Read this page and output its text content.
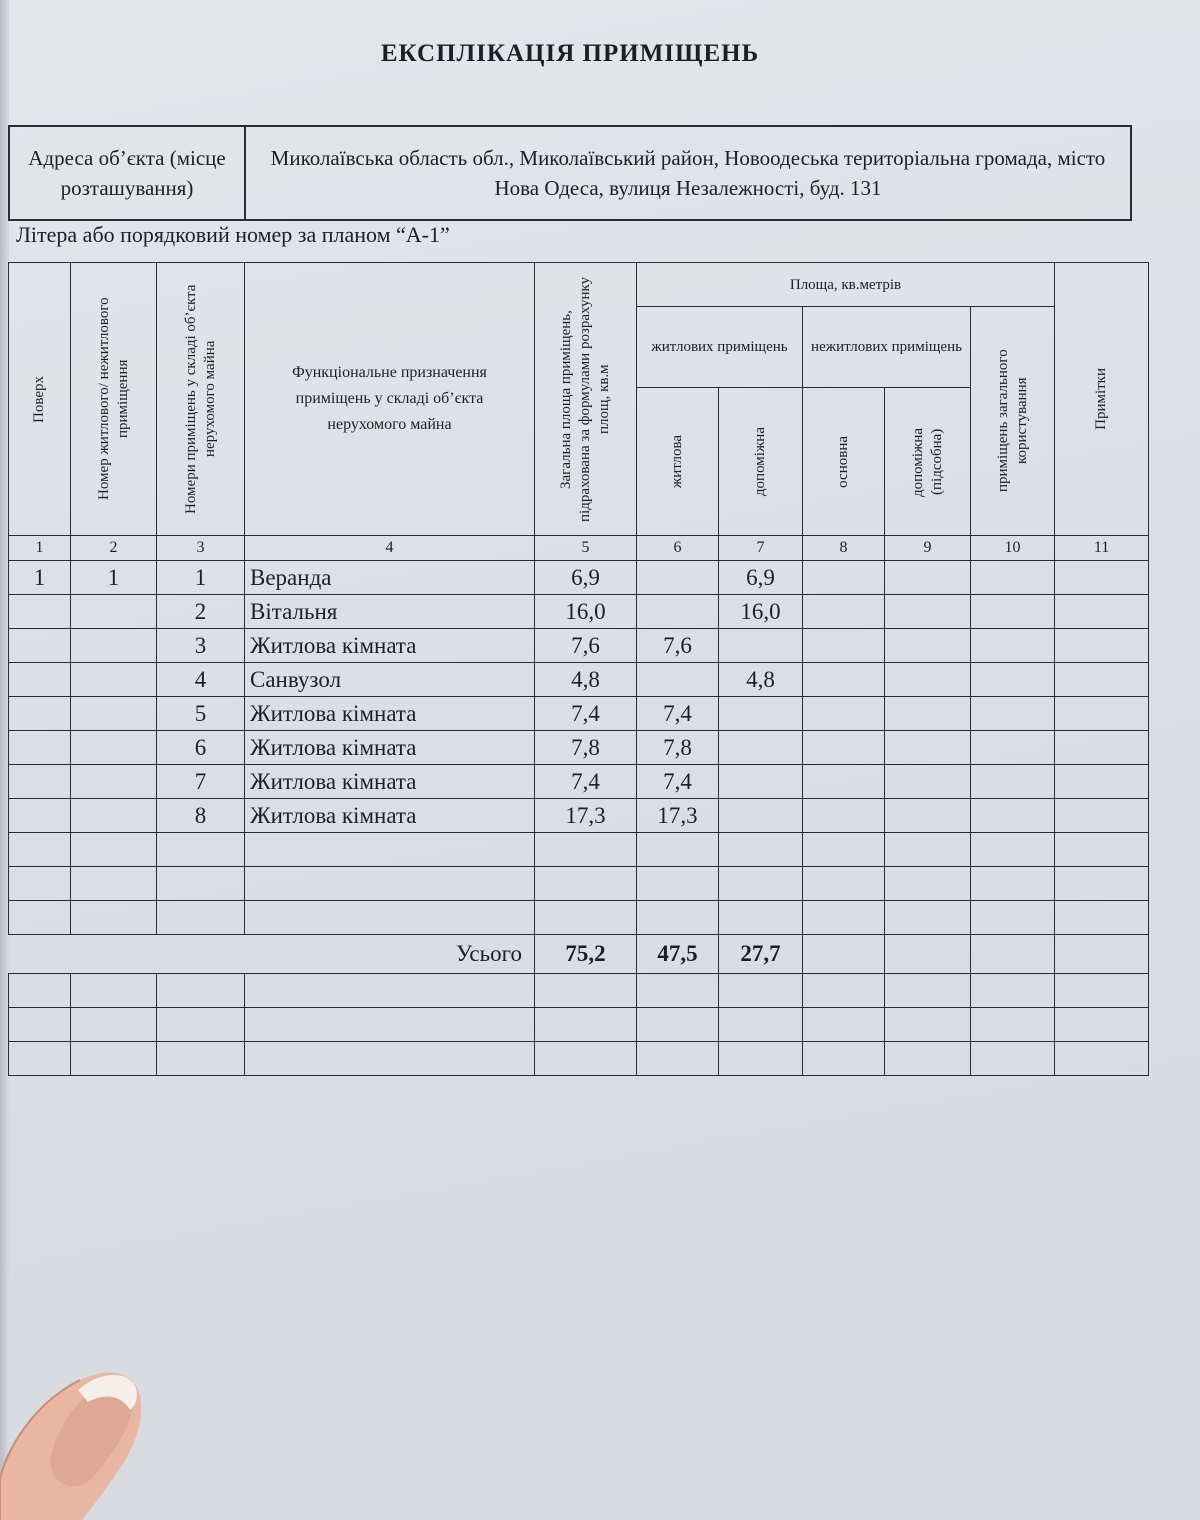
ЕКСПЛІКАЦІЯ ПРИМІЩЕНЬ
Адреса об’єкта (місце розташування)	Миколаївська область обл., Миколаївський район, Новоодеська територіальна громада, місто Нова Одеса, вулиця Незалежності, буд. 131
Літера або порядковий номер за планом “А-1”
Поверх	Номер житлового/ нежитлового приміщення	Номери приміщень у складі об’єкта нерухомого майна	Функціональне призначення приміщень у складі об’єкта нерухомого майна	Загальна площа приміщень, підрахована за формулами розрахунку площ, кв.м	Площа, кв.метрів					Примітки

					житлових приміщень		нежитлових приміщень		приміщень загального користування	

					житлова	допоміжна	основна	допоміжна (підсобна)		

1	2	3	4	5	6	7	8	9	10	11
1	1	1	Веранда	6,9		6,9				
		2	Вітальня	16,0		16,0				
		3	Житлова кімната	7,6	7,6					
		4	Санвузол	4,8		4,8				
		5	Житлова кімната	7,4	7,4					
		6	Житлова кімната	7,8	7,8					
		7	Житлова кімната	7,4	7,4					
		8	Житлова кімната	17,3	17,3					

Усього				75,2	47,5	27,7				
